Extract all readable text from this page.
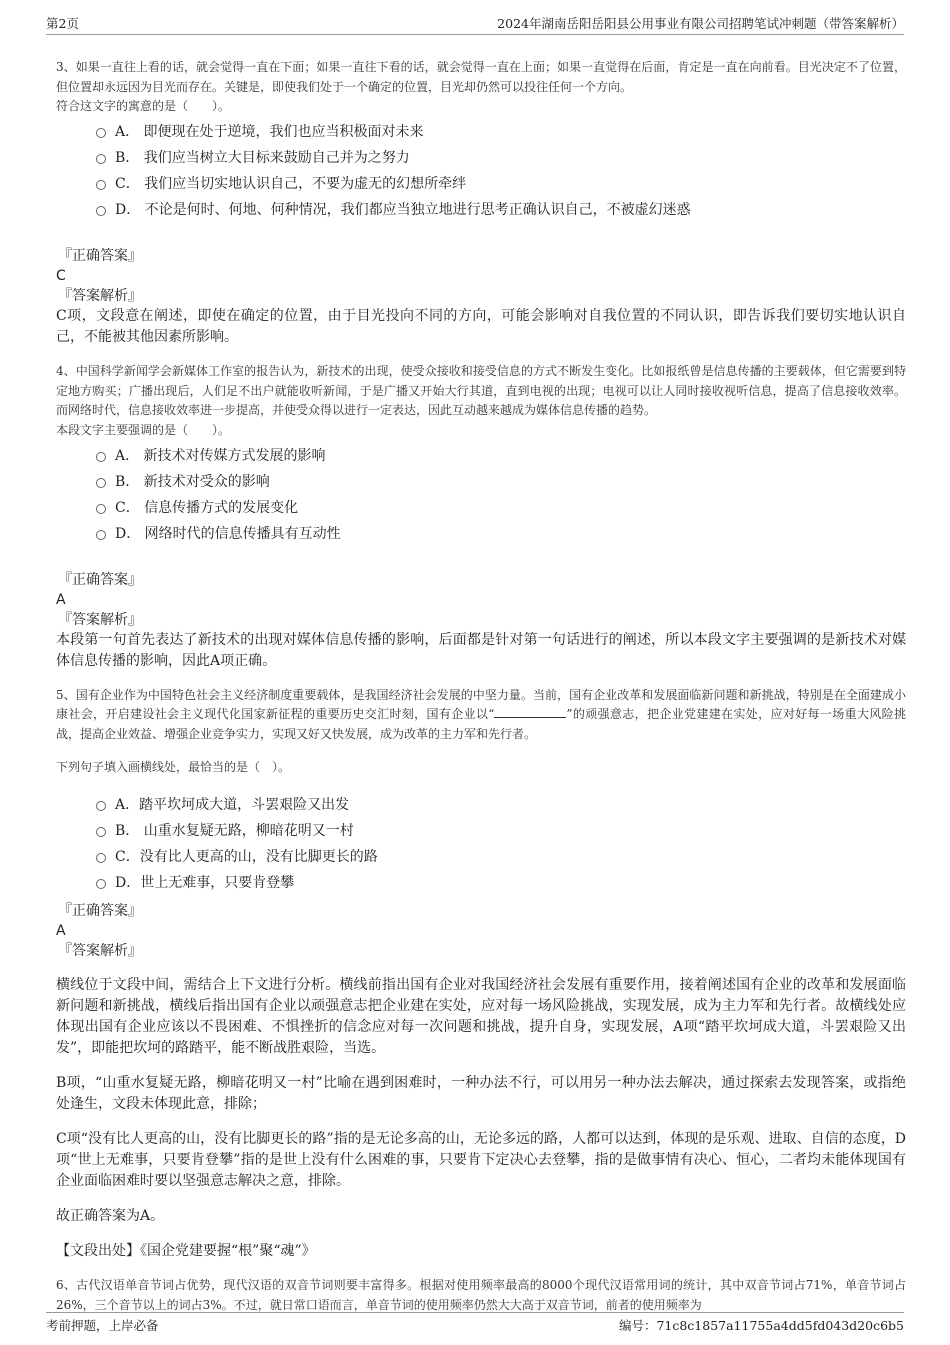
第2页	2024年湖南岳阳岳阳县公用事业有限公司招聘笔试冲刺题（带答案解析）
3、如果一直往上看的话，就会觉得一直在下面；如果一直往下看的话，就会觉得一直在上面；如果一直觉得在后面，肯定是一直在向前看。目光决定不了位置，但位置却永远因为目光而存在。关键是，即使我们处于一个确定的位置，目光却仍然可以投往任何一个方向。
符合这文字的寓意的是（　　）。
A． 即便现在处于逆境，我们也应当积极面对未来
B． 我们应当树立大目标来鼓励自己并为之努力
C． 我们应当切实地认识自己，不要为虚无的幻想所牵绊
D． 不论是何时、何地、何种情况，我们都应当独立地进行思考正确认识自己，不被虚幻迷惑
『正确答案』
C
『答案解析』
C项，文段意在阐述，即使在确定的位置，由于目光投向不同的方向，可能会影响对自我位置的不同认识，即告诉我们要切实地认识自己，不能被其他因素所影响。
4、中国科学新闻学会新媒体工作室的报告认为，新技术的出现，使受众接收和接受信息的方式不断发生变化。比如报纸曾是信息传播的主要载体，但它需要到特定地方购买；广播出现后，人们足不出户就能收听新闻，于是广播又开始大行其道，直到电视的出现；电视可以让人同时接收视听信息，提高了信息接收效率。而网络时代，信息接收效率进一步提高，并使受众得以进行一定表达，因此互动越来越成为媒体信息传播的趋势。
本段文字主要强调的是（　　）。
A． 新技术对传媒方式发展的影响
B． 新技术对受众的影响
C． 信息传播方式的发展变化
D． 网络时代的信息传播具有互动性
『正确答案』
A
『答案解析』
本段第一句首先表达了新技术的出现对媒体信息传播的影响，后面都是针对第一句话进行的阐述，所以本段文字主要强调的是新技术对媒体信息传播的影响，因此A项正确。
5、国有企业作为中国特色社会主义经济制度重要载体，是我国经济社会发展的中坚力量。当前，国有企业改革和发展面临新问题和新挑战，特别是在全面建成小康社会，开启建设社会主义现代化国家新征程的重要历史交汇时刻，国有企业以“	”的顽强意志，把企业党建建在实处，应对好每一场重大风险挑战，提高企业效益、增强企业竞争实力，实现又好又快发展，成为改革的主力军和先行者。
下列句子填入画横线处，最恰当的是（　）。
A．踏平坎坷成大道，斗罢艰险又出发
B． 山重水复疑无路，柳暗花明又一村
C．没有比人更高的山，没有比脚更长的路
D．世上无难事，只要肯登攀
『正确答案』
A
『答案解析』
横线位于文段中间，需结合上下文进行分析。横线前指出国有企业对我国经济社会发展有重要作用，接着阐述国有企业的改革和发展面临新问题和新挑战，横线后指出国有企业以顽强意志把企业建在实处，应对每一场风险挑战，实现发展，成为主力军和先行者。故横线处应体现出国有企业应该以不畏困难、不惧挫折的信念应对每一次问题和挑战，提升自身，实现发展，A项“踏平坎坷成大道，斗罢艰险又出发”，即能把坎坷的路踏平，能不断战胜艰险，当选。
B项，“山重水复疑无路，柳暗花明又一村”比喻在遇到困难时，一种办法不行，可以用另一种办法去解决，通过探索去发现答案，或指绝处逢生，文段未体现此意，排除；
C项“没有比人更高的山，没有比脚更长的路”指的是无论多高的山，无论多远的路，人都可以达到，体现的是乐观、进取、自信的态度，D项“世上无难事，只要肯登攀”指的是世上没有什么困难的事，只要肯下定决心去登攀，指的是做事情有决心、恒心，二者均未能体现国有企业面临困难时要以坚强意志解决之意，排除。
故正确答案为A。
【文段出处】《国企党建要握“根”聚“魂”》
6、古代汉语单音节词占优势，现代汉语的双音节词则要丰富得多。根据对使用频率最高的8000个现代汉语常用词的统计，其中双音节词占71%，单音节词占26%，三个音节以上的词占3%。不过，就日常口语而言，单音节词的使用频率仍然大大高于双音节词，前者的使用频率为
考前押题，上岸必备	编号：71c8c1857a11755a4dd5fd043d20c6b5
